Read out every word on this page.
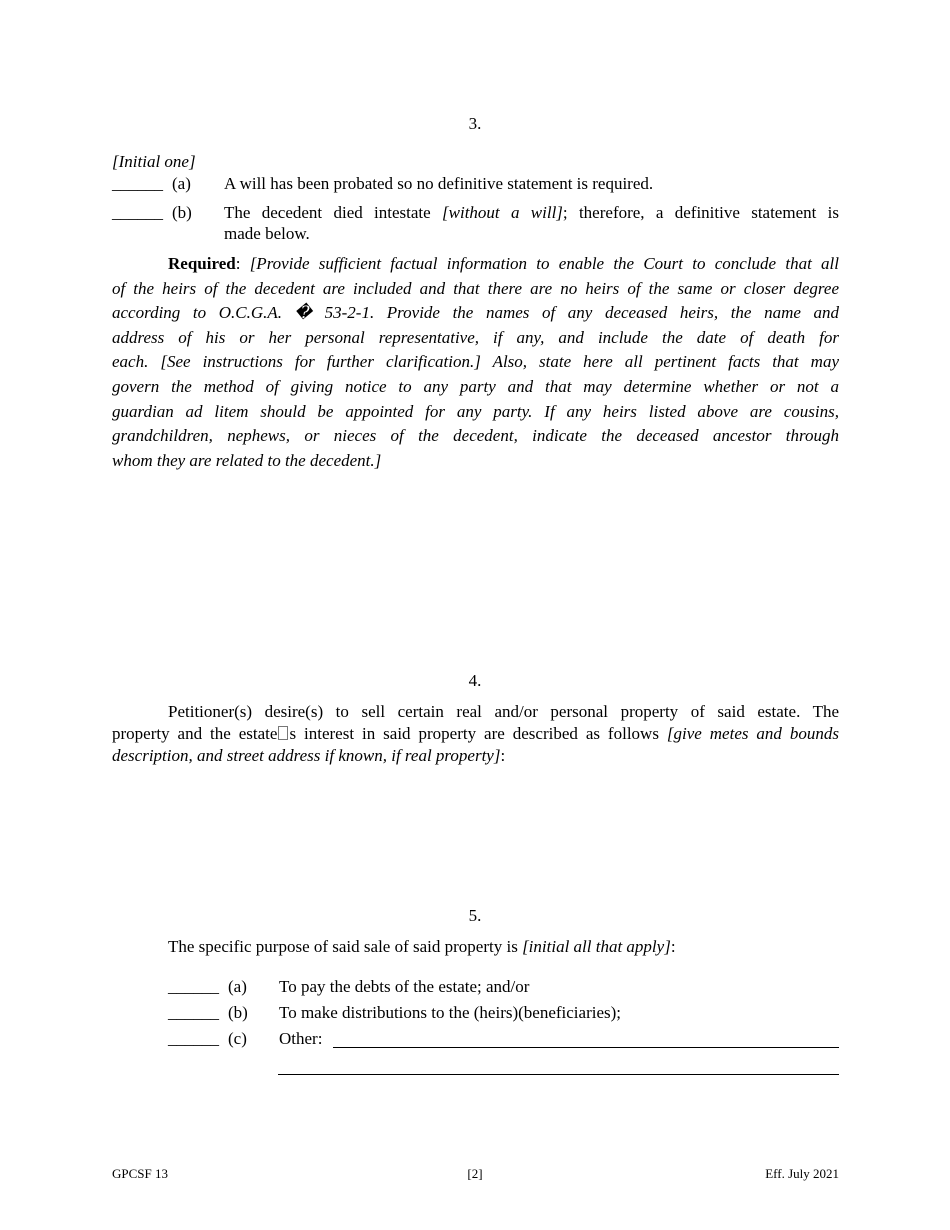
3.
[Initial one]
______ (a) A will has been probated so no definitive statement is required.
______ (b) The decedent died intestate [without a will]; therefore, a definitive statement is
made below.
Required: [Provide sufficient factual information to enable the Court to conclude that all
of the heirs of the decedent are included and that there are no heirs of the same or closer degree
according to O.C.G.A. � 53-2-1. Provide the names of any deceased heirs, the name and
address of his or her personal representative, if any, and include the date of death for
each. [See instructions for further clarification.] Also, state here all pertinent facts that may
govern the method of giving notice to any party and that may determine whether or not a
guardian ad litem should be appointed for any party. If any heirs listed above are cousins,
grandchildren, nephews, or nieces of the decedent, indicate the deceased ancestor through
whom they are related to the decedent.]
4.
Petitioner(s) desire(s) to sell certain real and/or personal property of said estate. The
property and the estate s interest in said property are described as follows [give metes and bounds
description, and street address if known, if real property]:
5.
The specific purpose of said sale of said property is [initial all that apply]:
______ (a) To pay the debts of the estate; and/or
______ (b) To make distributions to the (heirs)(beneficiaries);
______ (c) Other:
GPCSF 13	[2]	Eff. July 2021
